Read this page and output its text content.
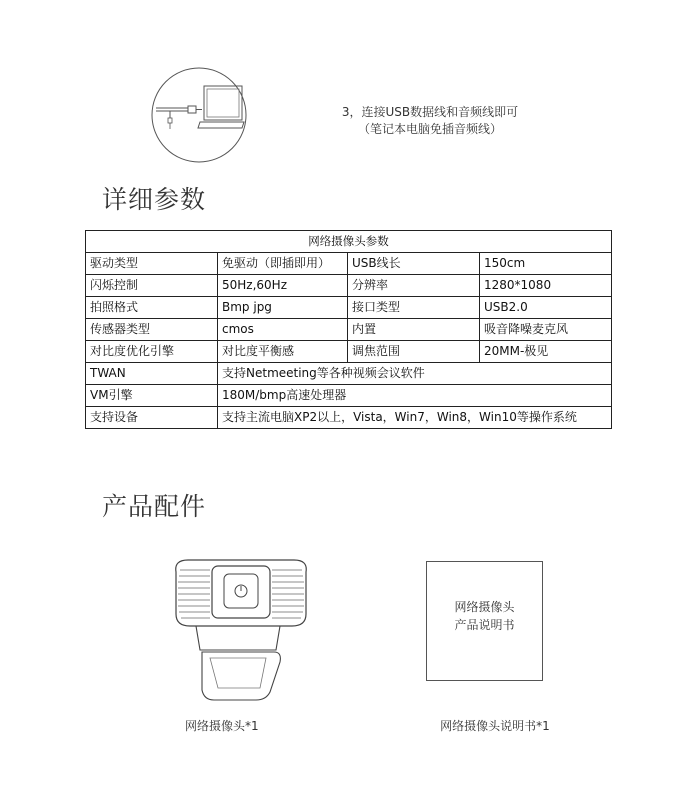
3，连接USB数据线和音频线即可
（笔记本电脑免插音频线）
详细参数
网络摄像头参数			
驱动类型	免驱动（即插即用）	USB线长	150cm
闪烁控制	50Hz,60Hz	分辨率	1280*1080
拍照格式	Bmp jpg	接口类型	USB2.0
传感器类型	cmos	内置	吸音降噪麦克风
对比度优化引擎	对比度平衡感	调焦范围	20MM-极见
TWAN	支持Netmeeting等各种视频会议软件		
VM引擎	180M/bmp高速处理器		
支持设备	支持主流电脑XP2以上，Vista，Win7，Win8，Win10等操作系统		
产品配件
网络摄像头*1
网络摄像头
产品说明书
网络摄像头说明书*1
